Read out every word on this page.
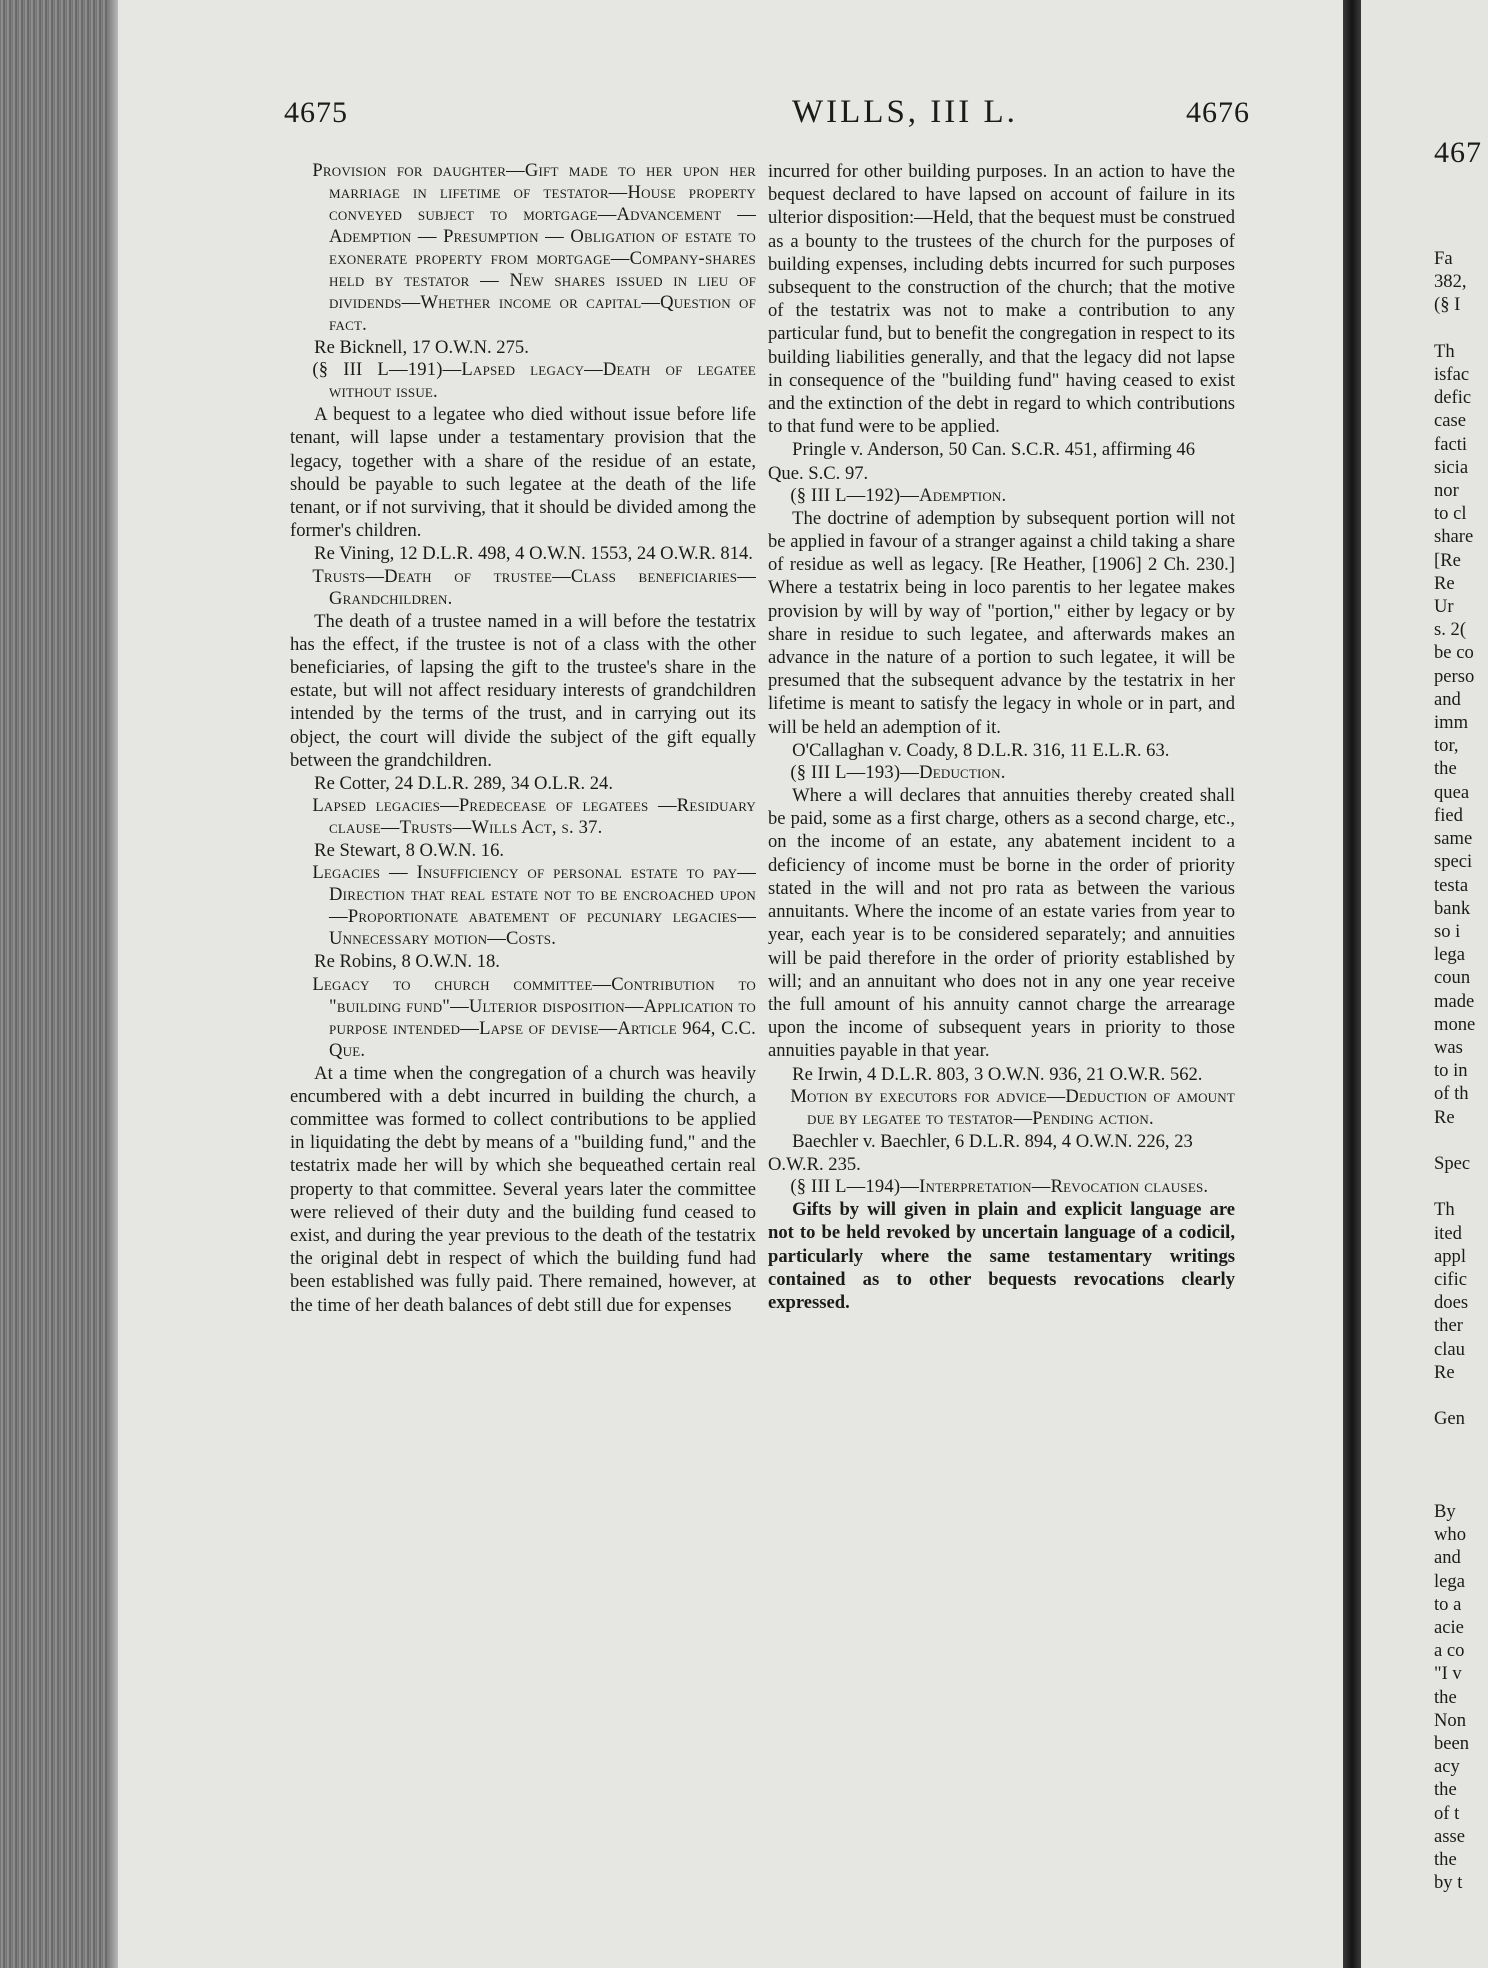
4675	WILLS, III L.	4676

Provision for daughter—Gift made to her upon her marriage in lifetime of testator—House property conveyed subject to mortgage—Advancement —Ademption — Presumption — Obligation of estate to exonerate property from mortgage—Company-shares held by testator — New shares issued in lieu of dividends—Whether income or capital—Question of fact.

Re Bicknell, 17 O.W.N. 275.

(§ III L—191)—Lapsed legacy—Death of legatee without issue.

A bequest to a legatee who died without issue before life tenant, will lapse under a testamentary provision that the legacy, together with a share of the residue of an estate, should be payable to such legatee at the death of the life tenant, or if not surviving, that it should be divided among the former's children.

Re Vining, 12 D.L.R. 498, 4 O.W.N. 1553, 24 O.W.R. 814.

Trusts—Death of trustee—Class beneficiaries—Grandchildren.

The death of a trustee named in a will before the testatrix has the effect, if the trustee is not of a class with the other beneficiaries, of lapsing the gift to the trustee's share in the estate, but will not affect residuary interests of grandchildren intended by the terms of the trust, and in carrying out its object, the court will divide the subject of the gift equally between the grandchildren.

Re Cotter, 24 D.L.R. 289, 34 O.L.R. 24.

Lapsed legacies—Predecease of legatees —Residuary clause—Trusts—Wills Act, s. 37.

Re Stewart, 8 O.W.N. 16.

Legacies — Insufficiency of personal estate to pay—Direction that real estate not to be encroached upon—Proportionate abatement of pecuniary legacies—Unnecessary motion—Costs.

Re Robins, 8 O.W.N. 18.

Legacy to church committee—Contribution to "building fund"—Ulterior disposition—Application to purpose intended—Lapse of devise—Article 964, C.C. Que.

At a time when the congregation of a church was heavily encumbered with a debt incurred in building the church, a committee was formed to collect contributions to be applied in liquidating the debt by means of a "building fund," and the testatrix made her will by which she bequeathed certain real property to that committee. Several years later the committee were relieved of their duty and the building fund ceased to exist, and during the year previous to the death of the testatrix the original debt in respect of which the building fund had been established was fully paid. There remained, however, at the time of her death balances of debt still due for expenses

incurred for other building purposes. In an action to have the bequest declared to have lapsed on account of failure in its ulterior disposition:—Held, that the bequest must be construed as a bounty to the trustees of the church for the purposes of building expenses, including debts incurred for such purposes subsequent to the construction of the church; that the motive of the testatrix was not to make a contribution to any particular fund, but to benefit the congregation in respect to its building liabilities generally, and that the legacy did not lapse in consequence of the "building fund" having ceased to exist and the extinction of the debt in regard to which contributions to that fund were to be applied.

Pringle v. Anderson, 50 Can. S.C.R. 451, affirming 46 Que. S.C. 97.

(§ III L—192)—Ademption.

The doctrine of ademption by subsequent portion will not be applied in favour of a stranger against a child taking a share of residue as well as legacy. [Re Heather, [1906] 2 Ch. 230.] Where a testatrix being in loco parentis to her legatee makes provision by will by way of "portion," either by legacy or by share in residue to such legatee, and afterwards makes an advance in the nature of a portion to such legatee, it will be presumed that the subsequent advance by the testatrix in her lifetime is meant to satisfy the legacy in whole or in part, and will be held an ademption of it.

O'Callaghan v. Coady, 8 D.L.R. 316, 11 E.L.R. 63.

(§ III L—193)—Deduction.

Where a will declares that annuities thereby created shall be paid, some as a first charge, others as a second charge, etc., on the income of an estate, any abatement incident to a deficiency of income must be borne in the order of priority stated in the will and not pro rata as between the various annuitants. Where the income of an estate varies from year to year, each year is to be considered separately; and annuities will be paid therefore in the order of priority established by will; and an annuitant who does not in any one year receive the full amount of his annuity cannot charge the arrearage upon the income of subsequent years in priority to those annuities payable in that year.

Re Irwin, 4 D.L.R. 803, 3 O.W.N. 936, 21 O.W.R. 562.

Motion by executors for advice—Deduction of amount due by legatee to testator—Pending action.

Baechler v. Baechler, 6 D.L.R. 894, 4 O.W.N. 226, 23 O.W.R. 235.

(§ III L—194)—Interpretation—Revocation clauses.

Gifts by will given in plain and explicit language are not to be held revoked by uncertain language of a codicil, particularly where the same testamentary writings contained as to other bequests revocations clearly expressed.

467

Fa
382,
(§ I

Th
isfac
defic
case
facti
sicia
nor
to cl
share
[Re
Re
Ur
s. 2(
be co
perso
and
imm
tor,
the
quea
fied
same
speci
testa
bank
so i
lega
coun
made
mone
was
to in
of th
Re

Spec

Th
ited
appl
cific
does
ther
clau
Re

Gen

By
who
and
lega
to a
acie
a co
"I v
the
Non
been
acy
the
of t
asse
the
by t
